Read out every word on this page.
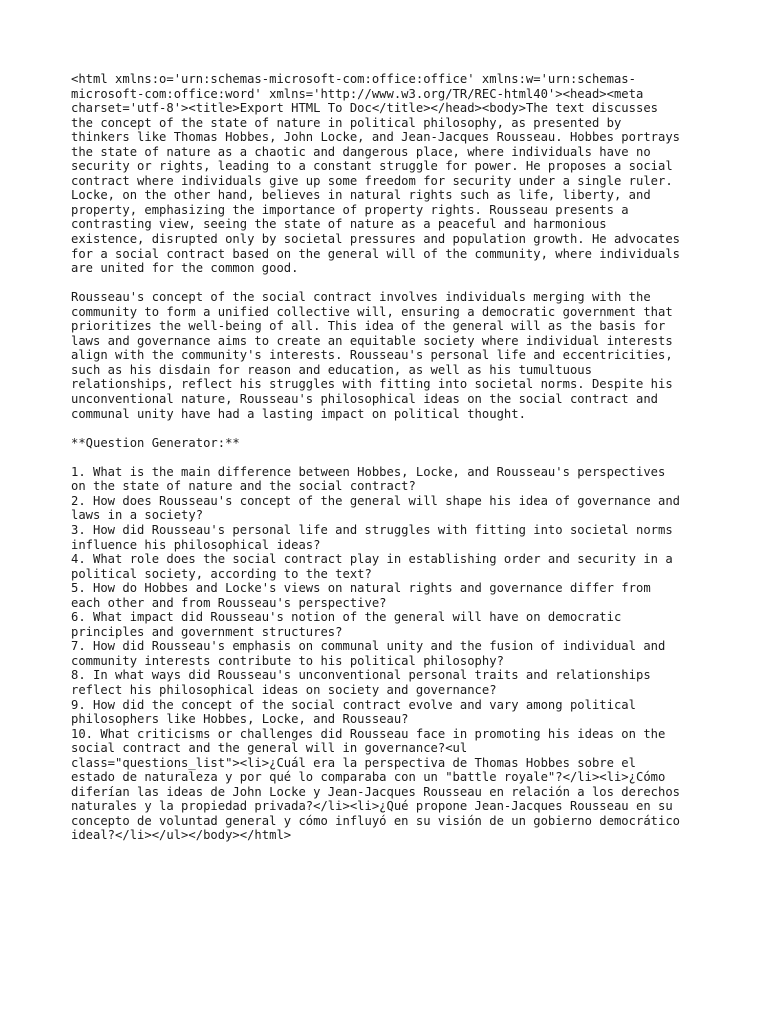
<html xmlns:o='urn:schemas-microsoft-com:office:office' xmlns:w='urn:schemas-
microsoft-com:office:word' xmlns='http://www.w3.org/TR/REC-html40'><head><meta
charset='utf-8'><title>Export HTML To Doc</title></head><body>The text discusses
the concept of the state of nature in political philosophy, as presented by
thinkers like Thomas Hobbes, John Locke, and Jean-Jacques Rousseau. Hobbes portrays
the state of nature as a chaotic and dangerous place, where individuals have no
security or rights, leading to a constant struggle for power. He proposes a social
contract where individuals give up some freedom for security under a single ruler.
Locke, on the other hand, believes in natural rights such as life, liberty, and
property, emphasizing the importance of property rights. Rousseau presents a
contrasting view, seeing the state of nature as a peaceful and harmonious
existence, disrupted only by societal pressures and population growth. He advocates
for a social contract based on the general will of the community, where individuals
are united for the common good.

Rousseau's concept of the social contract involves individuals merging with the
community to form a unified collective will, ensuring a democratic government that
prioritizes the well-being of all. This idea of the general will as the basis for
laws and governance aims to create an equitable society where individual interests
align with the community's interests. Rousseau's personal life and eccentricities,
such as his disdain for reason and education, as well as his tumultuous
relationships, reflect his struggles with fitting into societal norms. Despite his
unconventional nature, Rousseau's philosophical ideas on the social contract and
communal unity have had a lasting impact on political thought.

**Question Generator:**

1. What is the main difference between Hobbes, Locke, and Rousseau's perspectives
on the state of nature and the social contract?
2. How does Rousseau's concept of the general will shape his idea of governance and
laws in a society?
3. How did Rousseau's personal life and struggles with fitting into societal norms
influence his philosophical ideas?
4. What role does the social contract play in establishing order and security in a
political society, according to the text?
5. How do Hobbes and Locke's views on natural rights and governance differ from
each other and from Rousseau's perspective?
6. What impact did Rousseau's notion of the general will have on democratic
principles and government structures?
7. How did Rousseau's emphasis on communal unity and the fusion of individual and
community interests contribute to his political philosophy?
8. In what ways did Rousseau's unconventional personal traits and relationships
reflect his philosophical ideas on society and governance?
9. How did the concept of the social contract evolve and vary among political
philosophers like Hobbes, Locke, and Rousseau?
10. What criticisms or challenges did Rousseau face in promoting his ideas on the
social contract and the general will in governance?<ul
class="questions_list"><li>¿Cuál era la perspectiva de Thomas Hobbes sobre el
estado de naturaleza y por qué lo comparaba con un "battle royale"?</li><li>¿Cómo
diferían las ideas de John Locke y Jean-Jacques Rousseau en relación a los derechos
naturales y la propiedad privada?</li><li>¿Qué propone Jean-Jacques Rousseau en su
concepto de voluntad general y cómo influyó en su visión de un gobierno democrático
ideal?</li></ul></body></html>
